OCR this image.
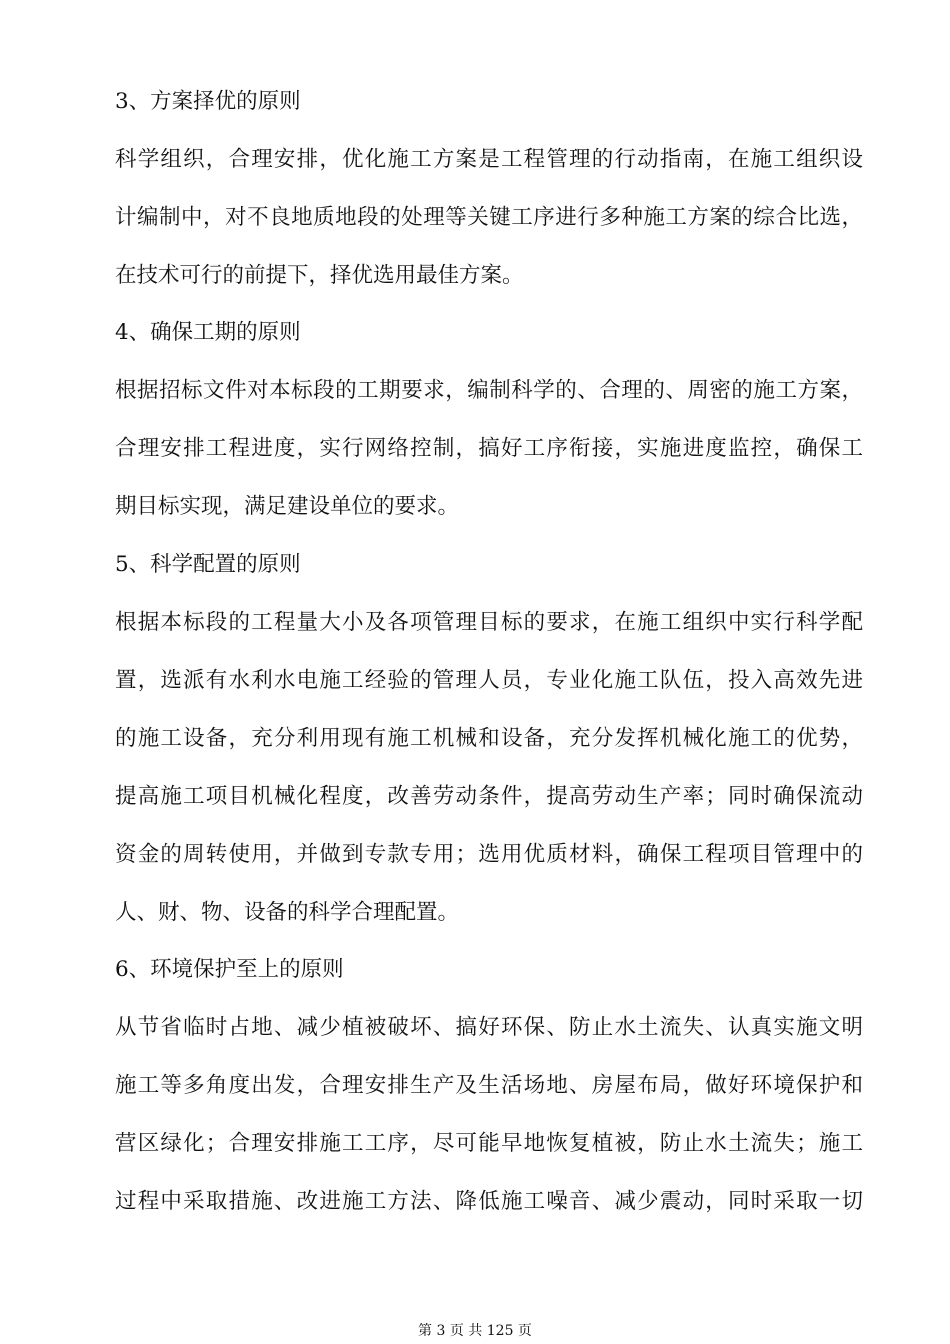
3、方案择优的原则
科学组织，合理安排，优化施工方案是工程管理的行动指南，在施工组织设
计编制中，对不良地质地段的处理等关键工序进行多种施工方案的综合比选，
在技术可行的前提下，择优选用最佳方案。
4、确保工期的原则
根据招标文件对本标段的工期要求，编制科学的、合理的、周密的施工方案，
合理安排工程进度，实行网络控制，搞好工序衔接，实施进度监控，确保工
期目标实现，满足建设单位的要求。
5、科学配置的原则
根据本标段的工程量大小及各项管理目标的要求，在施工组织中实行科学配
置，选派有水利水电施工经验的管理人员，专业化施工队伍，投入高效先进
的施工设备，充分利用现有施工机械和设备，充分发挥机械化施工的优势，
提高施工项目机械化程度，改善劳动条件，提高劳动生产率；同时确保流动
资金的周转使用，并做到专款专用；选用优质材料，确保工程项目管理中的
人、财、物、设备的科学合理配置。
6、环境保护至上的原则
从节省临时占地、减少植被破坏、搞好环保、防止水土流失、认真实施文明
施工等多角度出发，合理安排生产及生活场地、房屋布局，做好环境保护和
营区绿化；合理安排施工工序，尽可能早地恢复植被，防止水土流失；施工
过程中采取措施、改进施工方法、降低施工噪音、减少震动，同时采取一切
第 3 页 共 125 页
